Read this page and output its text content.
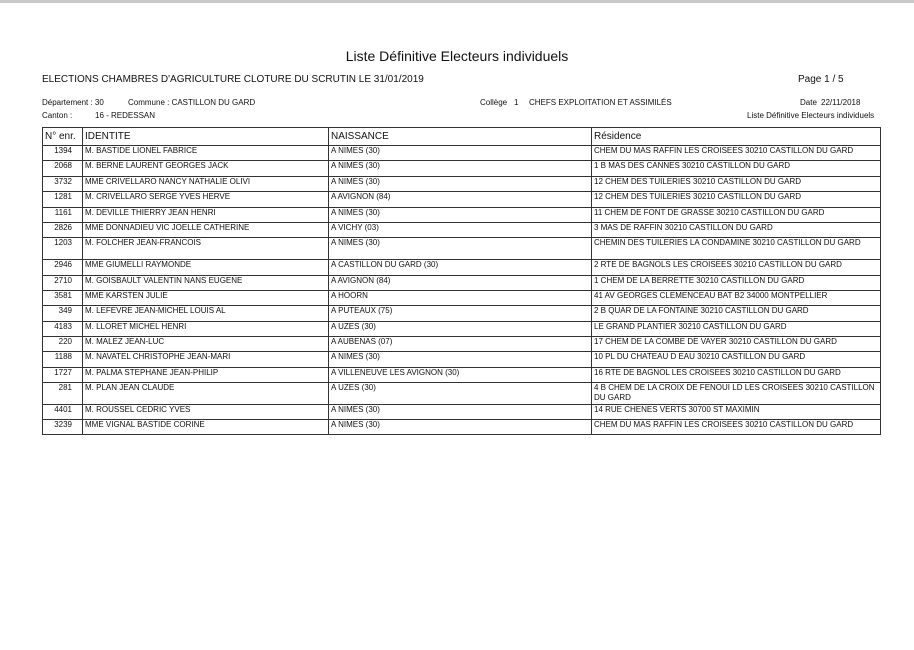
Liste Définitive Electeurs individuels
ELECTIONS CHAMBRES D'AGRICULTURE CLOTURE DU SCRUTIN LE 31/01/2019	Page 1 / 5
Département : 30	Commune : CASTILLON DU GARD	Collège 1 CHEFS EXPLOITATION ET ASSIMILÉS	Date 22/11/2018
Canton :	16 - REDESSAN	Liste Définitive Electeurs individuels
N° enr.	IDENTITE	NAISSANCE	Résidence
1394	M. BASTIDE LIONEL FABRICE	A NIMES (30)	CHEM DU MAS RAFFIN LES CROISEES 30210 CASTILLON DU GARD
2068	M. BERNE LAURENT GEORGES JACK	A NIMES (30)	1 B MAS DES CANNES 30210 CASTILLON DU GARD
3732	MME CRIVELLARO NANCY NATHALIE OLIVI	A NIMES (30)	12 CHEM DES TUILERIES 30210 CASTILLON DU GARD
1281	M. CRIVELLARO SERGE YVES HERVE	A AVIGNON (84)	12 CHEM DES TUILERIES 30210 CASTILLON DU GARD
1161	M. DEVILLE THIERRY JEAN HENRI	A NIMES (30)	11 CHEM DE FONT DE GRASSE 30210 CASTILLON DU GARD
2826	MME DONNADIEU VIC JOELLE CATHERINE	A VICHY (03)	3 MAS DE RAFFIN 30210 CASTILLON DU GARD
1203	M. FOLCHER JEAN-FRANCOIS	A NIMES (30)	CHEMIN DES TUILERIES LA CONDAMINE 30210 CASTILLON DU GARD
2946	MME GIUMELLI RAYMONDE	A CASTILLON DU GARD (30)	2 RTE DE BAGNOLS LES CROISEES 30210 CASTILLON DU GARD
2710	M. GOISBAULT VALENTIN NANS EUGENE	A AVIGNON (84)	1 CHEM DE LA BERRETTE 30210 CASTILLON DU GARD
3581	MME KARSTEN JULIE	A HOORN	41 AV GEORGES CLEMENCEAU BAT B2 34000 MONTPELLIER
349	M. LEFEVRE JEAN-MICHEL LOUIS AL	A PUTEAUX (75)	2 B QUAR DE LA FONTAINE 30210 CASTILLON DU GARD
4183	M. LLORET MICHEL HENRI	A UZES (30)	LE GRAND PLANTIER 30210 CASTILLON DU GARD
220	M. MALEZ JEAN-LUC	A AUBENAS (07)	17 CHEM DE LA COMBE DE VAYER 30210 CASTILLON DU GARD
1188	M. NAVATEL CHRISTOPHE JEAN-MARI	A NIMES (30)	10 PL DU CHATEAU D EAU 30210 CASTILLON DU GARD
1727	M. PALMA STEPHANE JEAN-PHILIP	A VILLENEUVE LES AVIGNON (30)	16 RTE DE BAGNOL LES CROISEES 30210 CASTILLON DU GARD
281	M. PLAN JEAN CLAUDE	A UZES (30)	4 B CHEM DE LA CROIX DE FENOUI LD LES CROISEES 30210 CASTILLON DU GARD
4401	M. ROUSSEL CEDRIC YVES	A NIMES (30)	14 RUE CHENES VERTS 30700 ST MAXIMIN
3239	MME VIGNAL BASTIDE CORINE	A NIMES (30)	CHEM DU MAS RAFFIN LES CROISEES 30210 CASTILLON DU GARD
